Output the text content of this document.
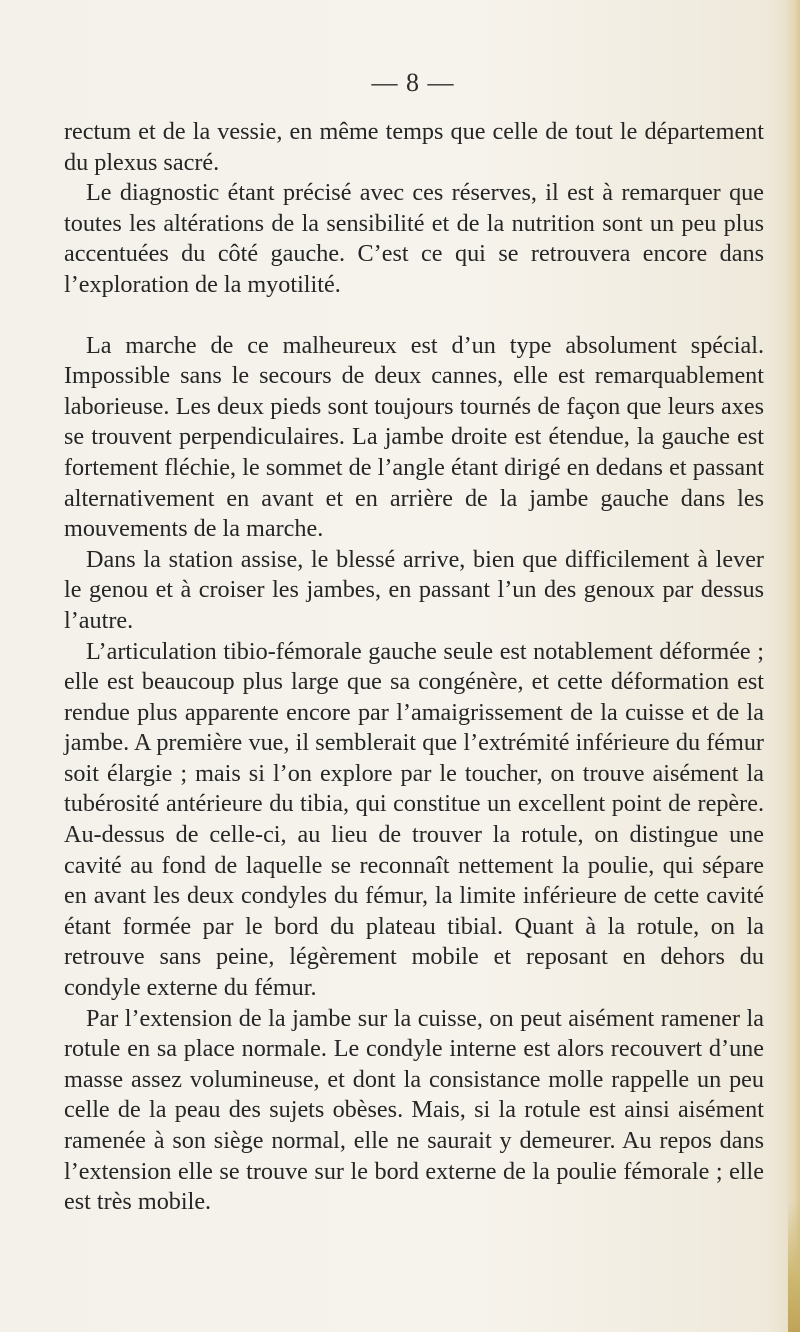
— 8 —

rectum et de la vessie, en même temps que celle de tout le département du plexus sacré.

Le diagnostic étant précisé avec ces réserves, il est à remarquer que toutes les altérations de la sensibilité et de la nutrition sont un peu plus accentuées du côté gauche. C’est ce qui se retrouvera encore dans l’exploration de la myotilité.

La marche de ce malheureux est d’un type absolument spécial. Impossible sans le secours de deux cannes, elle est remarquablement laborieuse. Les deux pieds sont toujours tournés de façon que leurs axes se trouvent perpendiculaires. La jambe droite est étendue, la gauche est fortement fléchie, le sommet de l’angle étant dirigé en dedans et passant alternativement en avant et en arrière de la jambe gauche dans les mouvements de la marche.

Dans la station assise, le blessé arrive, bien que difficilement à lever le genou et à croiser les jambes, en passant l’un des genoux par dessus l’autre.

L’articulation tibio-fémorale gauche seule est notablement déformée ; elle est beaucoup plus large que sa congénère, et cette déformation est rendue plus apparente encore par l’amaigrissement de la cuisse et de la jambe. A première vue, il semblerait que l’extrémité inférieure du fémur soit élargie ; mais si l’on explore par le toucher, on trouve aisément la tubérosité antérieure du tibia, qui constitue un excellent point de repère. Au-dessus de celle-ci, au lieu de trouver la rotule, on distingue une cavité au fond de laquelle se reconnaît nettement la poulie, qui sépare en avant les deux condyles du fémur, la limite inférieure de cette cavité étant formée par le bord du plateau tibial. Quant à la rotule, on la retrouve sans peine, légèrement mobile et reposant en dehors du condyle externe du fémur.

Par l’extension de la jambe sur la cuisse, on peut aisément ramener la rotule en sa place normale. Le condyle interne est alors recouvert d’une masse assez volumineuse, et dont la consistance molle rappelle un peu celle de la peau des sujets obèses. Mais, si la rotule est ainsi aisément ramenée à son siège normal, elle ne saurait y demeurer. Au repos dans l’extension elle se trouve sur le bord externe de la poulie fémorale ; elle est très mobile.
